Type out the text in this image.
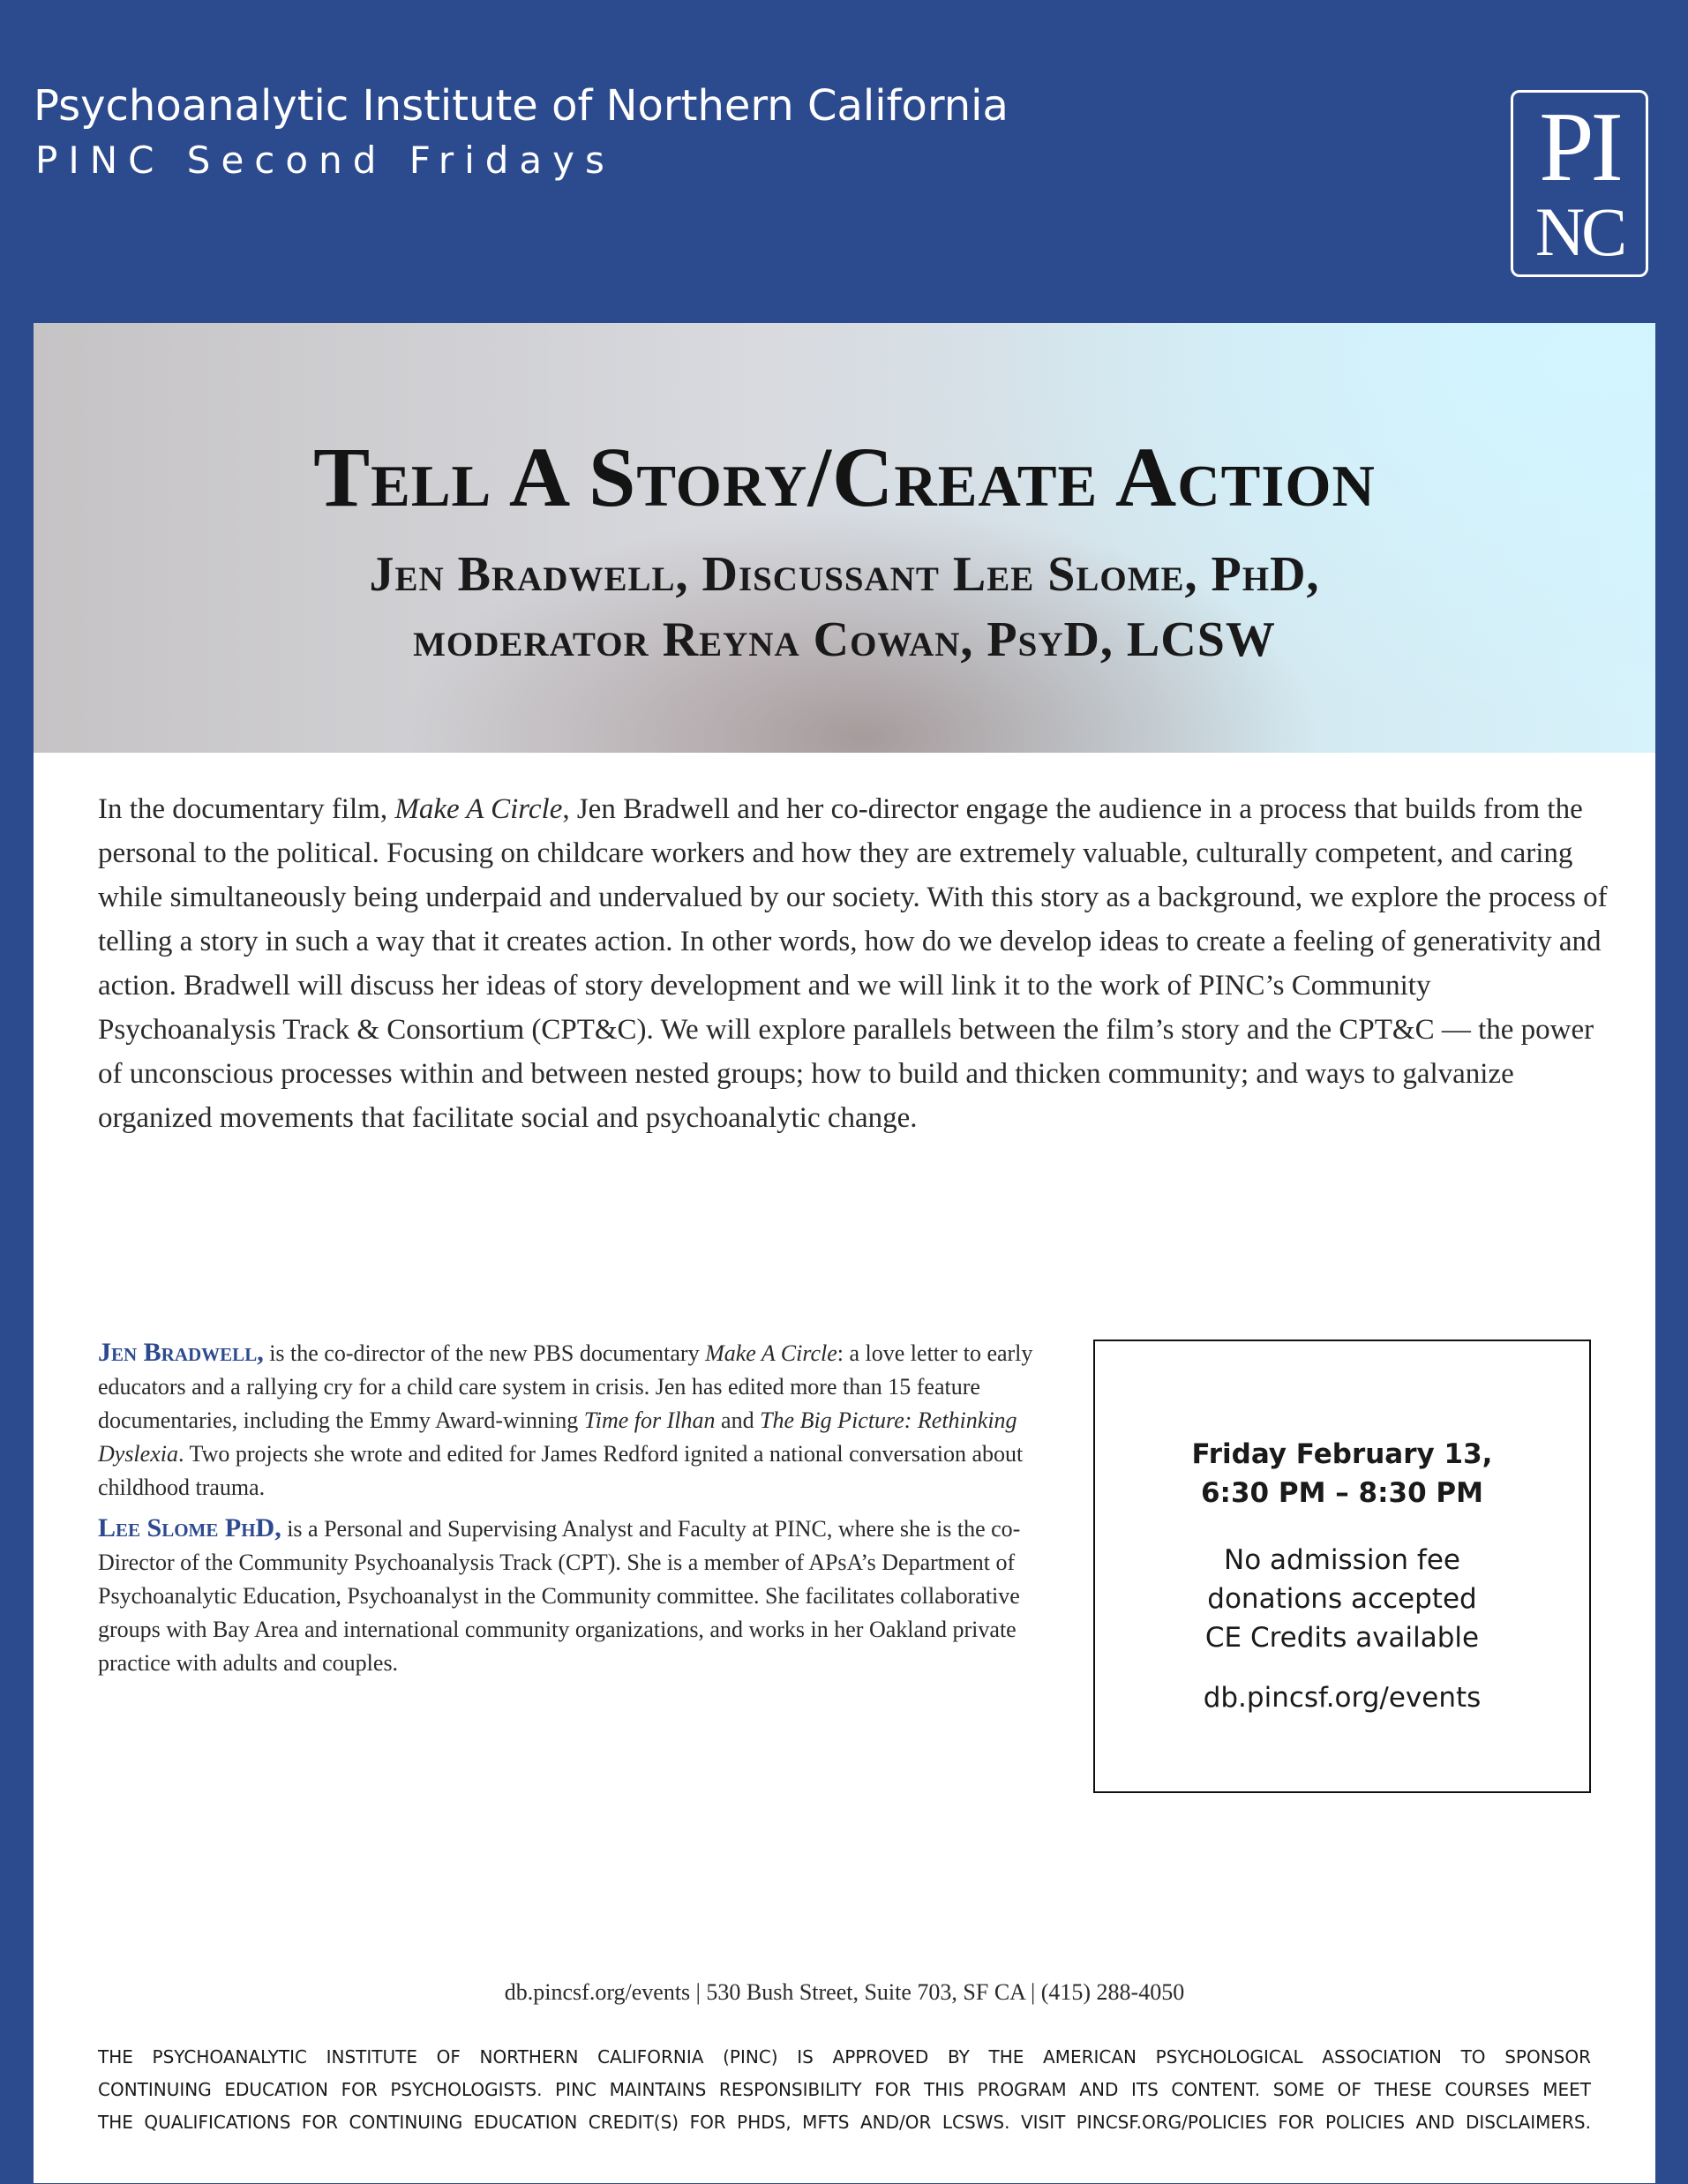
Psychoanalytic Institute of Northern California
PINC Second Fridays	PI
NC
Tell A Story/Create Action
Jen Bradwell, Discussant Lee Slome, PhD,
moderator Reyna Cowan, PsyD, LCSW

In the documentary film, Make A Circle, Jen Bradwell and her co-director engage the audience in a process that builds from the personal to the political. Focusing on childcare workers and how they are extremely valuable, culturally competent, and caring while simultaneously being underpaid and undervalued by our society. With this story as a background, we explore the process of telling a story in such a way that it creates action. In other words, how do we develop ideas to create a feeling of generativity and action. Bradwell will discuss her ideas of story development and we will link it to the work of PINC’s Community Psychoanalysis Track & Consortium (CPT&C). We will explore parallels between the film’s story and the CPT&C — the power of unconscious processes within and between nested groups; how to build and thicken community; and ways to galvanize organized movements that facilitate social and psychoanalytic change.

Jen Bradwell, is the co-director of the new PBS documentary Make A Circle: a love letter to early educators and a rallying cry for a child care system in crisis. Jen has edited more than 15 feature documentaries, including the Emmy Award-winning Time for Ilhan and The Big Picture: Rethinking Dyslexia. Two projects she wrote and edited for James Redford ignited a national conversation about childhood trauma.

Lee Slome PhD, is a Personal and Supervising Analyst and Faculty at PINC, where she is the co-Director of the Community Psychoanalysis Track (CPT). She is a member of APsA’s Department of Psychoanalytic Education, Psychoanalyst in the Community committee. She facilitates collaborative groups with Bay Area and international community organizations, and works in her Oakland private practice with adults and couples.

Friday February 13,
6:30 PM – 8:30 PM
No admission fee
donations accepted
CE Credits available
db.pincsf.org/events
db.pincsf.org/events | 530 Bush Street, Suite 703, SF CA | (415) 288-4050
THE PSYCHOANALYTIC INSTITUTE OF NORTHERN CALIFORNIA (PINC) IS APPROVED BY THE AMERICAN PSYCHOLOGICAL ASSOCIATION TO SPONSOR
CONTINUING EDUCATION FOR PSYCHOLOGISTS. PINC MAINTAINS RESPONSIBILITY FOR THIS PROGRAM AND ITS CONTENT. SOME OF THESE COURSES MEET
THE QUALIFICATIONS FOR CONTINUING EDUCATION CREDIT(S) FOR PHDS, MFTS AND/OR LCSWS. VISIT PINCSF.ORG/POLICIES FOR POLICIES AND DISCLAIMERS.
